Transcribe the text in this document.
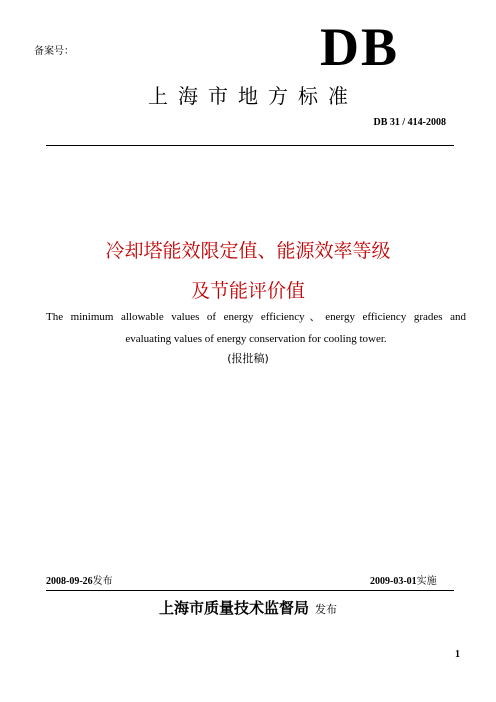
备案号：	DB
上海市地方标准
DB 31 / 414-2008
冷却塔能效限定值、能源效率等级
及节能评价值
The minimum allowable values of energy efficiency、energy efficiency grades and
evaluating values of energy conservation for cooling tower.
(报批稿)
2008-09-26发布	2009-03-01实施
上海市质量技术监督局 发布
1
